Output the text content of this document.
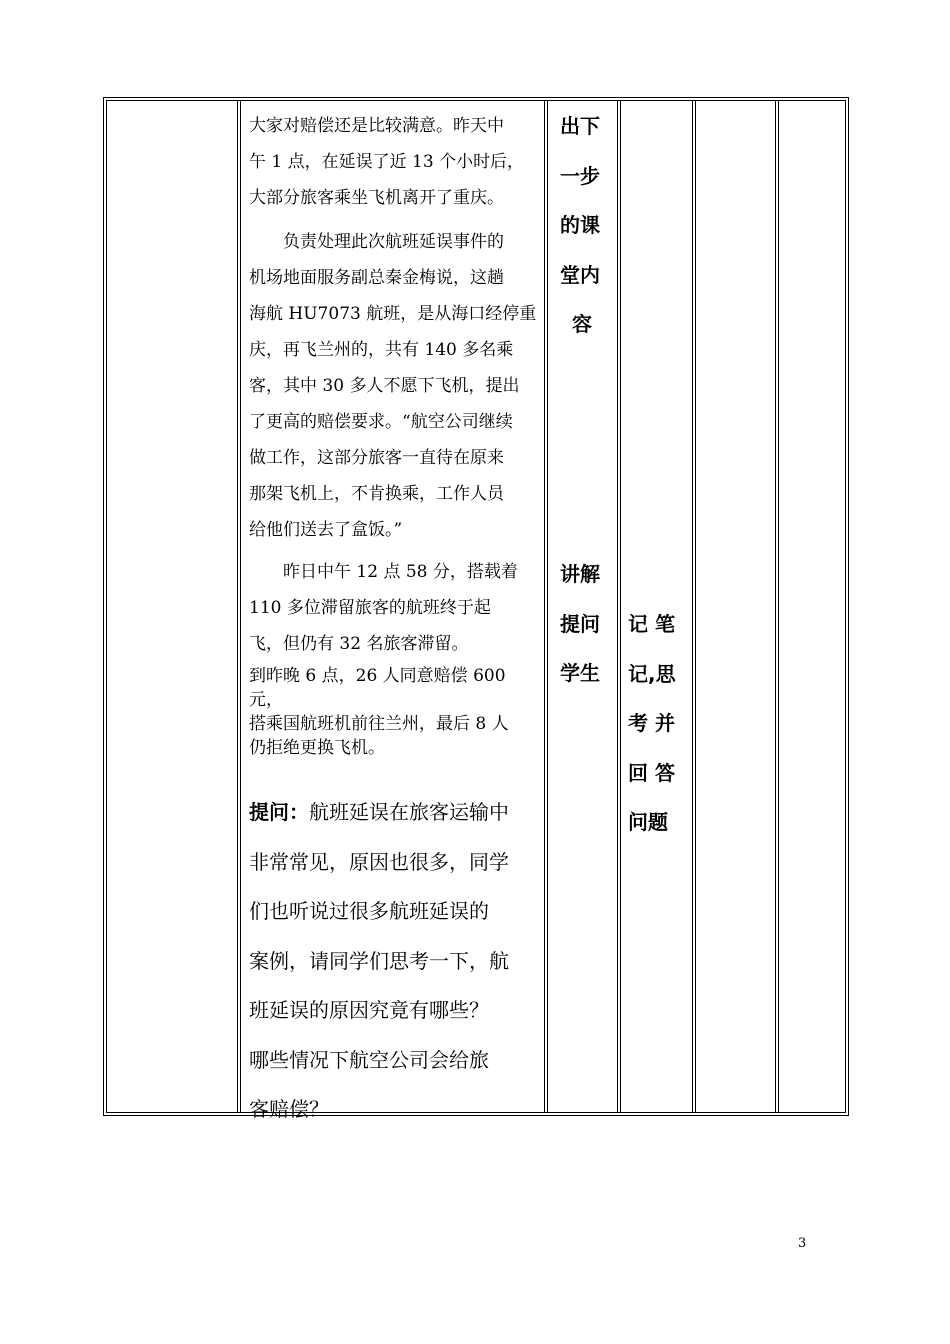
大家对赔偿还是比较满意。昨天中

午 1 点，在延误了近 13 个小时后，

大部分旅客乘坐飞机离开了重庆。

负责处理此次航班延误事件的

机场地面服务副总秦金梅说，这趟

海航 HU7073 航班，是从海口经停重

庆，再飞兰州的，共有 140 多名乘

客，其中 30 多人不愿下飞机，提出

了更高的赔偿要求。“航空公司继续

做工作，这部分旅客一直待在原来

那架飞机上，不肯换乘，工作人员

给他们送去了盒饭。”

昨日中午 12 点 58 分，搭载着

110 多位滞留旅客的航班终于起

飞，但仍有 32 名旅客滞留。

到昨晚 6 点，26 人同意赔偿 600 元，

搭乘国航班机前往兰州，最后 8 人

仍拒绝更换飞机。

提问：航班延误在旅客运输中

非常常见，原因也很多，同学

们也听说过很多航班延误的

案例，请同学们思考一下，航

班延误的原因究竟有哪些？

哪些情况下航空公司会给旅

客赔偿？

出下
一步
的课
堂内
容
讲解
提问
学生
记 笔
记,思
考 并
回 答
问题
3
